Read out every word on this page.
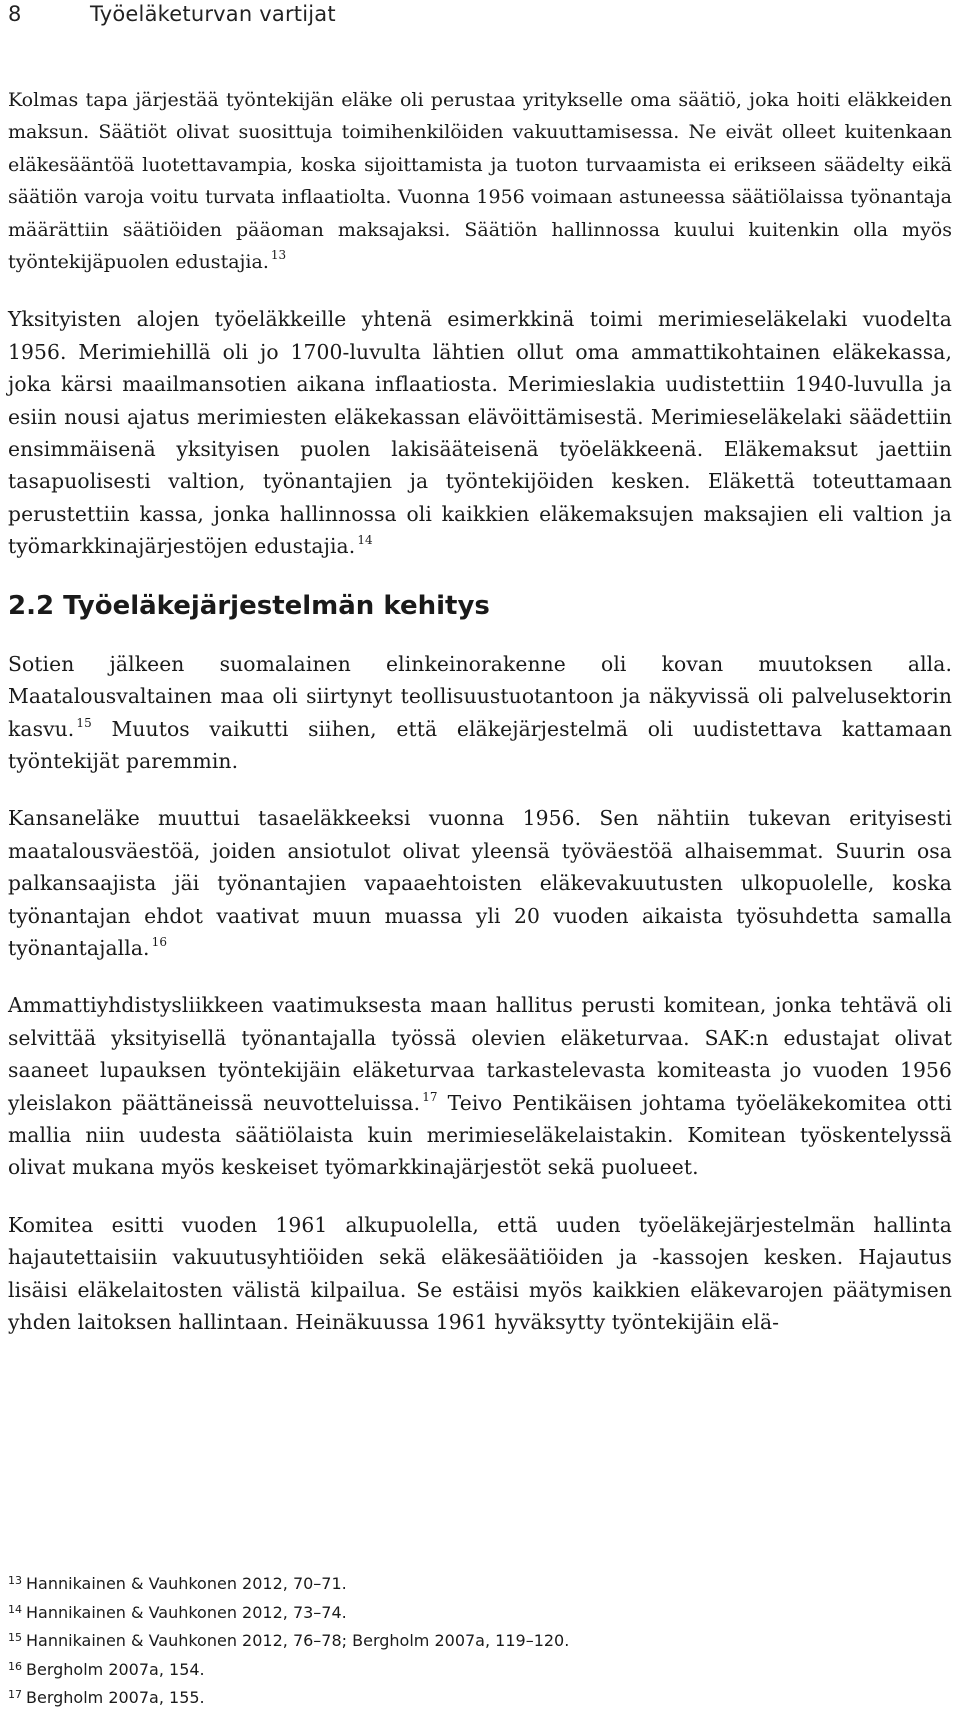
8	Työeläketurvan vartijat

Kolmas tapa järjestää työntekijän eläke oli perustaa yritykselle oma säätiö, joka hoiti eläkkeiden maksun. Säätiöt olivat suosittuja toimihenkilöiden vakuuttamisessa. Ne eivät olleet kuitenkaan eläkesääntöä luotettavampia, koska sijoittamista ja tuoton turvaamista ei erikseen säädelty eikä säätiön varoja voitu turvata inflaatiolta. Vuonna 1956 voimaan astuneessa säätiölaissa työnantaja määrättiin säätiöiden pääoman maksajaksi. Säätiön hallinnossa kuului kuitenkin olla myös työntekijäpuolen edustajia. $^{13}$

Yksityisten alojen työeläkkeille yhtenä esimerkkinä toimi merimieseläkelaki vuodelta 1956. Merimiehillä oli jo 1700-luvulta lähtien ollut oma ammattikohtainen eläkekassa, joka kärsi maailmansotien aikana inflaatiosta. Merimieslakia uudistettiin 1940-luvulla ja esiin nousi ajatus merimiesten eläkekassan elävöittämisestä. Merimieseläkelaki säädettiin ensimmäisenä yksityisen puolen lakisääteisenä työeläkkeenä. Eläkemaksut jaettiin tasapuolisesti valtion, työnantajien ja työntekijöiden kesken. Eläkettä toteuttamaan perustettiin kassa, jonka hallinnossa oli kaikkien eläkemaksujen maksajien eli valtion ja työmarkkinajärjestöjen edustajia. $^{14}$

2.2 Työeläkejärjestelmän kehitys

Sotien jälkeen suomalainen elinkeinorakenne oli kovan muutoksen alla. Maatalousvaltainen maa oli siirtynyt teollisuustuotantoon ja näkyvissä oli palvelusektorin kasvu. $^{15}$ Muutos vaikutti siihen, että eläkejärjestelmä oli uudistettava kattamaan työntekijät paremmin.

Kansaneläke muuttui tasaeläkkeeksi vuonna 1956. Sen nähtiin tukevan erityisesti maatalousväestöä, joiden ansiotulot olivat yleensä työväestöä alhaisemmat. Suurin osa palkansaajista jäi työnantajien vapaaehtoisten eläkevakuutusten ulkopuolelle, koska työnantajan ehdot vaativat muun muassa yli 20 vuoden aikaista työsuhdetta samalla työnantajalla. $^{16}$

Ammattiyhdistysliikkeen vaatimuksesta maan hallitus perusti komitean, jonka tehtävä oli selvittää yksityisellä työnantajalla työssä olevien eläketurvaa. SAK:n edustajat olivat saaneet lupauksen työntekijäin eläketurvaa tarkastelevasta komiteasta jo vuoden 1956 yleislakon päättäneissä neuvotteluissa. $^{17}$ Teivo Pentikäisen johtama työeläkekomitea otti mallia niin uudesta säätiölaista kuin merimieseläkelaistakin. Komitean työskentelyssä olivat mukana myös keskeiset työmarkkinajärjestöt sekä puolueet.

Komitea esitti vuoden 1961 alkupuolella, että uuden työeläkejärjestelmän hallinta hajautettaisiin vakuutusyhtiöiden sekä eläkesäätiöiden ja -kassojen kesken. Hajautus lisäisi eläkelaitosten välistä kilpailua. Se estäisi myös kaikkien eläkevarojen päätymisen yhden laitoksen hallintaan. Heinäkuussa 1961 hyväksytty työntekijäin elä-

$^{13}$ Hannikainen & Vauhkonen 2012, 70–71.
$^{14}$ Hannikainen & Vauhkonen 2012, 73–74.
$^{15}$ Hannikainen & Vauhkonen 2012, 76–78; Bergholm 2007a, 119–120.
$^{16}$ Bergholm 2007a, 154.
$^{17}$ Bergholm 2007a, 155.
